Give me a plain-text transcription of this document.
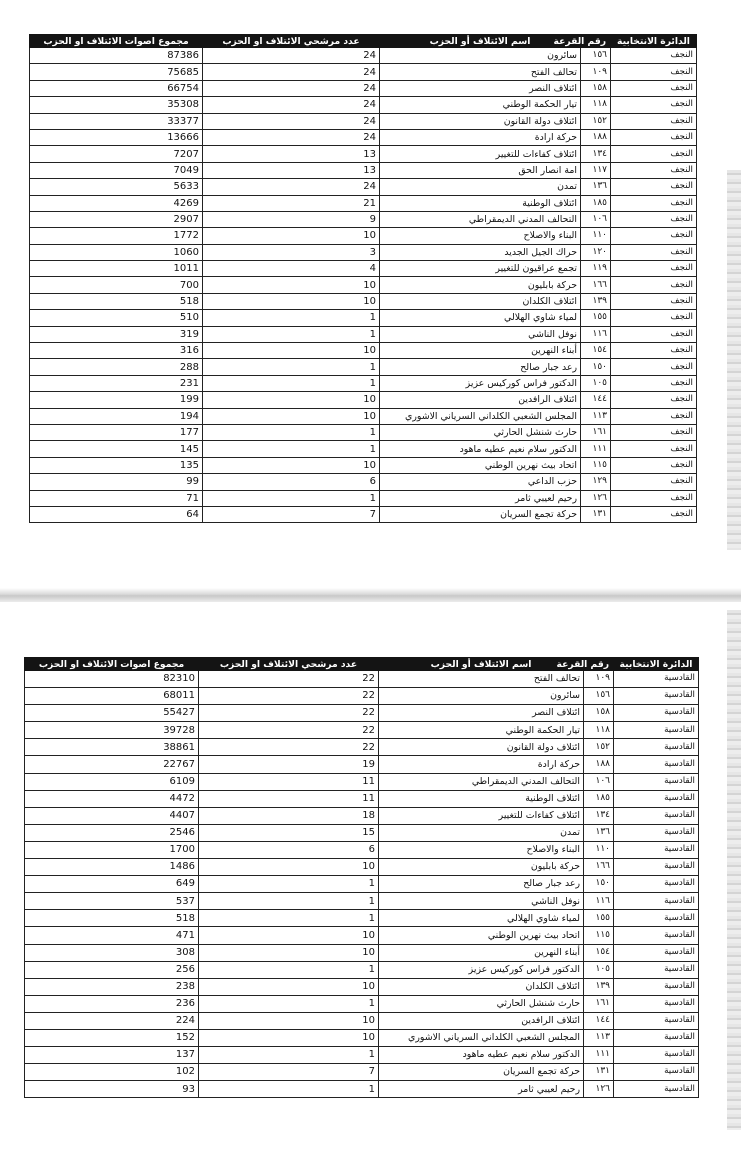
مجموع اصوات الائتلاف او الحزب	عدد مرشحي الائتلاف او الحزب	اسم الائتلاف أو الحزب	رقم القرعة	الدائرة الانتخابية
87386	24	سائرون	١٥٦	النجف
75685	24	تحالف الفتح	١٠٩	النجف
66754	24	ائتلاف النصر	١٥٨	النجف
35308	24	تيار الحكمة الوطني	١١٨	النجف
33377	24	ائتلاف دولة القانون	١٥٢	النجف
13666	24	حركة ارادة	١٨٨	النجف
7207	13	ائتلاف كفاءات للتغيير	١٣٤	النجف
7049	13	امة انصار الحق	١١٧	النجف
5633	24	تمدن	١٣٦	النجف
4269	21	ائتلاف الوطنية	١٨٥	النجف
2907	9	التحالف المدني الديمقراطي	١٠٦	النجف
1772	10	البناء والاصلاح	١١٠	النجف
1060	3	حراك الجيل الجديد	١٢٠	النجف
1011	4	تجمع عراقيون للتغيير	١١٩	النجف
700	10	حركة بابليون	١٦٦	النجف
518	10	ائتلاف الكلدان	١٣٩	النجف
510	1	لمياء شاوي الهلالي	١٥٥	النجف
319	1	نوفل الناشي	١١٦	النجف
316	10	أبناء النهرين	١٥٤	النجف
288	1	رعد جبار صالح	١٥٠	النجف
231	1	الدكتور فراس كوركيس عزيز	١٠٥	النجف
199	10	ائتلاف الرافدين	١٤٤	النجف
194	10	المجلس الشعبي الكلداني السرياني الاشوري	١١٣	النجف
177	1	حارث شنشل الحارثي	١٦١	النجف
145	1	الدكتور سلام نعيم عطيه ماهود	١١١	النجف
135	10	اتحاد بيث نهرين الوطني	١١٥	النجف
99	6	حزب الداعي	١٢٩	النجف
71	1	رحيم لعيبي ثامر	١٢٦	النجف
64	7	حركة تجمع السريان	١٣١	النجف
مجموع اصوات الائتلاف او الحزب	عدد مرشحي الائتلاف او الحزب	اسم الائتلاف أو الحزب	رقم القرعة	الدائرة الانتخابية
82310	22	تحالف الفتح	١٠٩	القادسية
68011	22	سائرون	١٥٦	القادسية
55427	22	ائتلاف النصر	١٥٨	القادسية
39728	22	تيار الحكمة الوطني	١١٨	القادسية
38861	22	ائتلاف دولة القانون	١٥٢	القادسية
22767	19	حركة ارادة	١٨٨	القادسية
6109	11	التحالف المدني الديمقراطي	١٠٦	القادسية
4472	11	ائتلاف الوطنية	١٨٥	القادسية
4407	18	ائتلاف كفاءات للتغيير	١٣٤	القادسية
2546	15	تمدن	١٣٦	القادسية
1700	6	البناء والاصلاح	١١٠	القادسية
1486	10	حركة بابليون	١٦٦	القادسية
649	1	رعد جبار صالح	١٥٠	القادسية
537	1	نوفل الناشي	١١٦	القادسية
518	1	لمياء شاوي الهلالي	١٥٥	القادسية
471	10	اتحاد بيث نهرين الوطني	١١٥	القادسية
308	10	أبناء النهرين	١٥٤	القادسية
256	1	الدكتور فراس كوركيس عزيز	١٠٥	القادسية
238	10	ائتلاف الكلدان	١٣٩	القادسية
236	1	حارث شنشل الحارثي	١٦١	القادسية
224	10	ائتلاف الرافدين	١٤٤	القادسية
152	10	المجلس الشعبي الكلداني السرياني الاشوري	١١٣	القادسية
137	1	الدكتور سلام نعيم عطيه ماهود	١١١	القادسية
102	7	حركة تجمع السريان	١٣١	القادسية
93	1	رحيم لعيبي ثامر	١٢٦	القادسية
